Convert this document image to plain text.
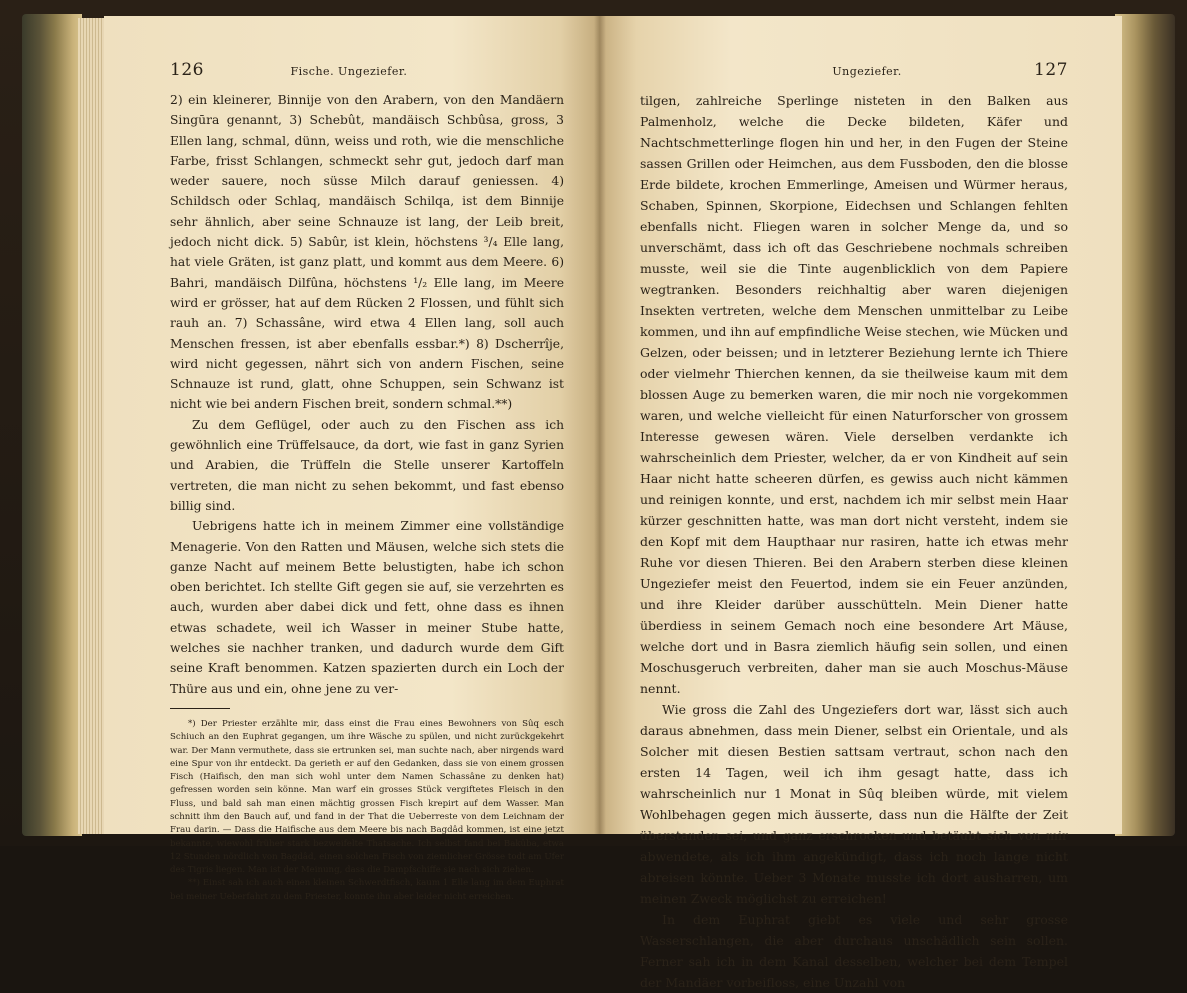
126	Fische. Ungeziefer.

2) ein kleinerer, Binnije von den Arabern, von den Mandäern Singūra genannt, 3) Schebût, mandäisch Schbûsa, gross, 3 Ellen lang, schmal, dünn, weiss und roth, wie die menschliche Farbe, frisst Schlangen, schmeckt sehr gut, jedoch darf man weder sauere, noch süsse Milch darauf geniessen. 4) Schildsch oder Schlaq, mandäisch Schilqa, ist dem Binnije sehr ähnlich, aber seine Schnauze ist lang, der Leib breit, jedoch nicht dick. 5) Sabûr, ist klein, höchstens ³/₄ Elle lang, hat viele Gräten, ist ganz platt, und kommt aus dem Meere. 6) Bahri, mandäisch Dilfûna, höchstens ¹/₂ Elle lang, im Meere wird er grösser, hat auf dem Rücken 2 Flossen, und fühlt sich rauh an. 7) Schassâne, wird etwa 4 Ellen lang, soll auch Menschen fressen, ist aber ebenfalls essbar.*) 8) Dscherrîje, wird nicht gegessen, nährt sich von andern Fischen, seine Schnauze ist rund, glatt, ohne Schuppen, sein Schwanz ist nicht wie bei andern Fischen breit, sondern schmal.**)

Zu dem Geflügel, oder auch zu den Fischen ass ich gewöhnlich eine Trüffelsauce, da dort, wie fast in ganz Syrien und Arabien, die Trüffeln die Stelle unserer Kartoffeln vertreten, die man nicht zu sehen bekommt, und fast ebenso billig sind.

Uebrigens hatte ich in meinem Zimmer eine vollständige Menagerie. Von den Ratten und Mäusen, welche sich stets die ganze Nacht auf meinem Bette belustigten, habe ich schon oben berichtet. Ich stellte Gift gegen sie auf, sie verzehrten es auch, wurden aber dabei dick und fett, ohne dass es ihnen etwas schadete, weil ich Wasser in meiner Stube hatte, welches sie nachher tranken, und dadurch wurde dem Gift seine Kraft benommen. Katzen spazierten durch ein Loch der Thüre aus und ein, ohne jene zu ver-

*) Der Priester erzählte mir, dass einst die Frau eines Bewohners von Sûq esch Schiuch an den Euphrat gegangen, um ihre Wäsche zu spülen, und nicht zurückgekehrt war. Der Mann vermuthete, dass sie ertrunken sei, man suchte nach, aber nirgends ward eine Spur von ihr entdeckt. Da gerieth er auf den Gedanken, dass sie von einem grossen Fisch (Haifisch, den man sich wohl unter dem Namen Schassâne zu denken hat) gefressen worden sein könne. Man warf ein grosses Stück vergiftetes Fleisch in den Fluss, und bald sah man einen mächtig grossen Fisch krepirt auf dem Wasser. Man schnitt ihm den Bauch auf, und fand in der That die Ueberreste von dem Leichnam der Frau darin. — Dass die Haifische aus dem Meere bis nach Bagdâd kommen, ist eine jetzt bekannte, wiewohl früher stark bezweifelte Thatsache. Ich selbst fand bei Bakûba, etwa 12 Stunden nördlich von Bagdâd, einen solchen Fisch von ziemlicher Grösse todt am Ufer des Tigris liegen. Man ist der Meinung, dass die Dampfschiffe sie nach sich ziehen.

**) Einst sah ich auch einen kleinen Schwerdtfisch, kaum 1 Elle lang im dem Euphrat bei meiner Ueberfahrt zu dem Priester, konnte ihn aber leider nicht erreichen.

Ungeziefer.	127

tilgen, zahlreiche Sperlinge nisteten in den Balken aus Palmenholz, welche die Decke bildeten, Käfer und Nachtschmetterlinge flogen hin und her, in den Fugen der Steine sassen Grillen oder Heimchen, aus dem Fussboden, den die blosse Erde bildete, krochen Emmerlinge, Ameisen und Würmer heraus, Schaben, Spinnen, Skorpione, Eidechsen und Schlangen fehlten ebenfalls nicht. Fliegen waren in solcher Menge da, und so unverschämt, dass ich oft das Geschriebene nochmals schreiben musste, weil sie die Tinte augenblicklich von dem Papiere wegtranken. Besonders reichhaltig aber waren diejenigen Insekten vertreten, welche dem Menschen unmittelbar zu Leibe kommen, und ihn auf empfindliche Weise stechen, wie Mücken und Gelzen, oder beissen; und in letzterer Beziehung lernte ich Thiere oder vielmehr Thierchen kennen, da sie theilweise kaum mit dem blossen Auge zu bemerken waren, die mir noch nie vorgekommen waren, und welche vielleicht für einen Naturforscher von grossem Interesse gewesen wären. Viele derselben verdankte ich wahrscheinlich dem Priester, welcher, da er von Kindheit auf sein Haar nicht hatte scheeren dürfen, es gewiss auch nicht kämmen und reinigen konnte, und erst, nachdem ich mir selbst mein Haar kürzer geschnitten hatte, was man dort nicht versteht, indem sie den Kopf mit dem Haupthaar nur rasiren, hatte ich etwas mehr Ruhe vor diesen Thieren. Bei den Arabern sterben diese kleinen Ungeziefer meist den Feuertod, indem sie ein Feuer anzünden, und ihre Kleider darüber ausschütteln. Mein Diener hatte überdiess in seinem Gemach noch eine besondere Art Mäuse, welche dort und in Basra ziemlich häufig sein sollen, und einen Moschusgeruch verbreiten, daher man sie auch Moschus-Mäuse nennt.

Wie gross die Zahl des Ungeziefers dort war, lässt sich auch daraus abnehmen, dass mein Diener, selbst ein Orientale, und als Solcher mit diesen Bestien sattsam vertraut, schon nach den ersten 14 Tagen, weil ich ihm gesagt hatte, dass ich wahrscheinlich nur 1 Monat in Sûq bleiben würde, mit vielem Wohlbehagen gegen mich äusserte, dass nun die Hälfte der Zeit überstanden sei, und ganz erschrocken und betäubt sich von mir abwendete, als ich ihm angekündigt, dass ich noch lange nicht abreisen könnte. Ueber 3 Monate musste ich dort ausharren, um meinen Zweck möglichst zu erreichen!

In dem Euphrat giebt es viele und sehr grosse Wasserschlangen, die aber durchaus unschädlich sein sollen. Ferner sah ich in dem Kanal desselben, welcher bei dem Tempel der Mandäer vorbeifloss, eine Unzahl von
